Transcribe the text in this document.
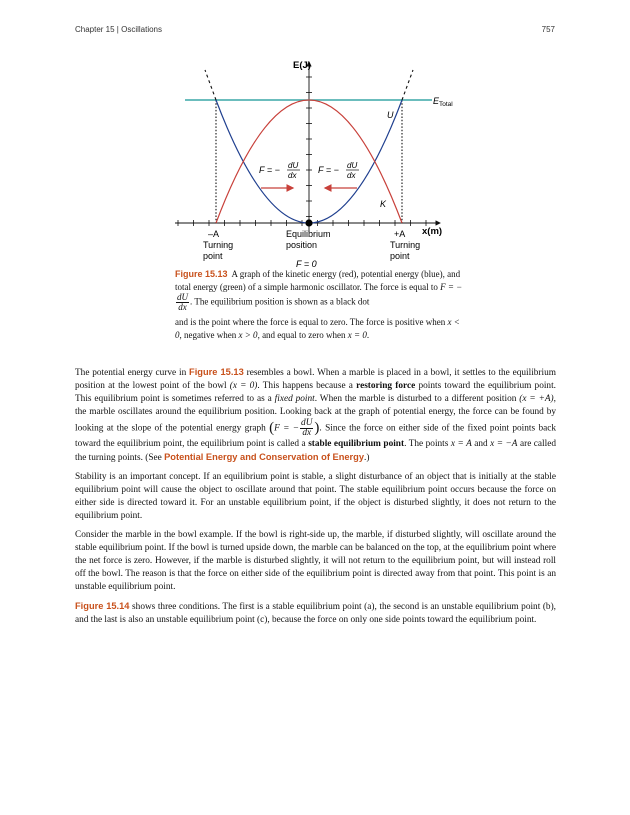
Chapter 15 | Oscillations	757
E(J)
x(m)
$E_{Total}$
U
K
F = − dU
dx
F = − dU
dx
–A
Turning
point
+A
Turning
point
Equilibrium
position
F = 0

Figure 15.13 A graph of the kinetic energy (red), potential energy (blue), and total energy (green) of a simple harmonic oscillator. The force is equal to F = −
$\frac{dU}{dx}$ . The equilibrium position is shown as a black dot

and is the point where the force is equal to zero. The force is positive when x < 0, negative when x > 0, and equal to zero when x = 0.

The potential energy curve in Figure 15.13 resembles a bowl. When a marble is placed in a bowl, it settles to the equilibrium position at the lowest point of the bowl (x = 0). This happens because a restoring force points toward the equilibrium point. This equilibrium point is sometimes referred to as a fixed point. When the marble is disturbed to a different position (x = +A), the marble oscillates around the equilibrium position. Looking back at the graph of potential energy, the force can be found by looking at the slope of the potential energy graph (F = − $\frac{dU}{dx}$ ). Since the force on either side of the fixed point points back toward the equilibrium point, the equilibrium point is called a stable equilibrium point. The points x = A and x = −A are called the turning points. (See Potential Energy and Conservation of Energy.)

Stability is an important concept. If an equilibrium point is stable, a slight disturbance of an object that is initially at the stable equilibrium point will cause the object to oscillate around that point. The stable equilibrium point occurs because the force on either side is directed toward it. For an unstable equilibrium point, if the object is disturbed slightly, it does not return to the equilibrium point.

Consider the marble in the bowl example. If the bowl is right-side up, the marble, if disturbed slightly, will oscillate around the stable equilibrium point. If the bowl is turned upside down, the marble can be balanced on the top, at the equilibrium point where the net force is zero. However, if the marble is disturbed slightly, it will not return to the equilibrium point, but will instead roll off the bowl. The reason is that the force on either side of the equilibrium point is directed away from that point. This point is an unstable equilibrium point.

Figure 15.14 shows three conditions. The first is a stable equilibrium point (a), the second is an unstable equilibrium point (b), and the last is also an unstable equilibrium point (c), because the force on only one side points toward the equilibrium point.
